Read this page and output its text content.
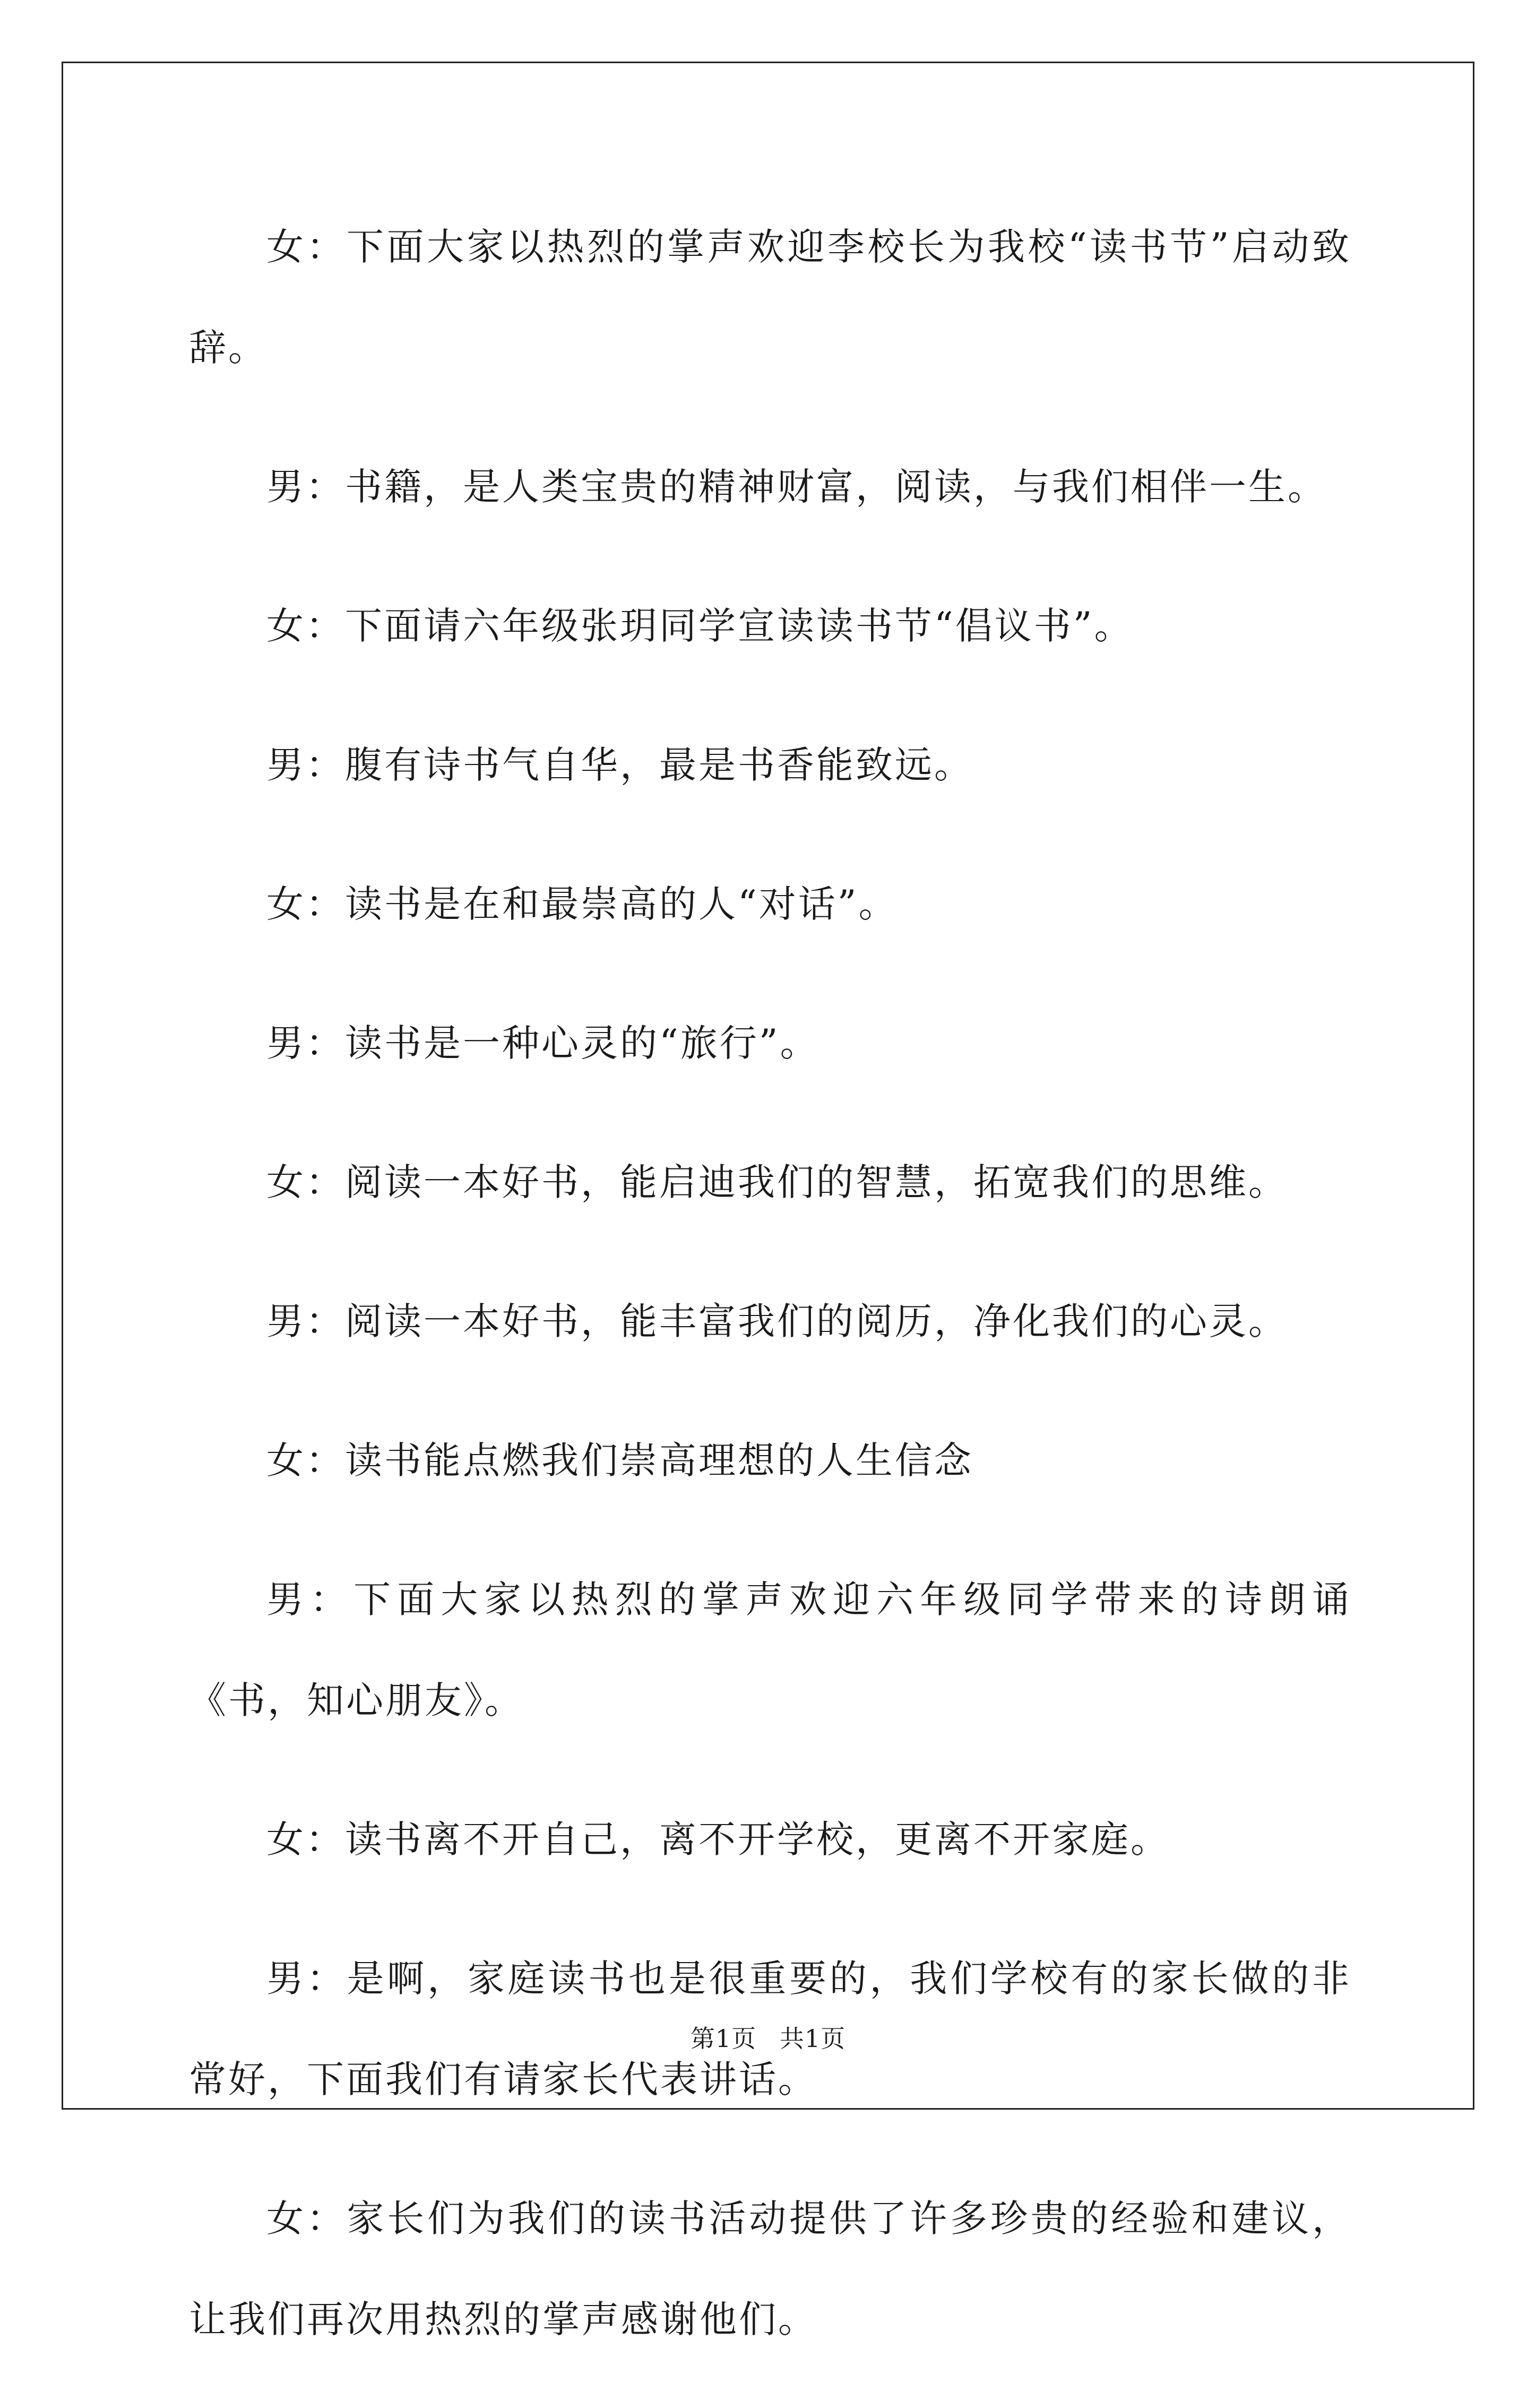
女：下面大家以热烈的掌声欢迎李校长为我校“读书节”启动致辞。

男：书籍，是人类宝贵的精神财富，阅读，与我们相伴一生。

女：下面请六年级张玥同学宣读读书节“倡议书”。

男：腹有诗书气自华，最是书香能致远。

女：读书是在和最崇高的人“对话”。

男：读书是一种心灵的“旅行”。

女：阅读一本好书，能启迪我们的智慧，拓宽我们的思维。

男：阅读一本好书，能丰富我们的阅历，净化我们的心灵。

女：读书能点燃我们崇高理想的人生信念

男：下面大家以热烈的掌声欢迎六年级同学带来的诗朗诵《书，知心朋友》。

女：读书离不开自己，离不开学校，更离不开家庭。

男：是啊，家庭读书也是很重要的，我们学校有的家长做的非常好，下面我们有请家长代表讲话。

女：家长们为我们的读书活动提供了许多珍贵的经验和建议，让我们再次用热烈的掌声感谢他们。

第1页 共1页
